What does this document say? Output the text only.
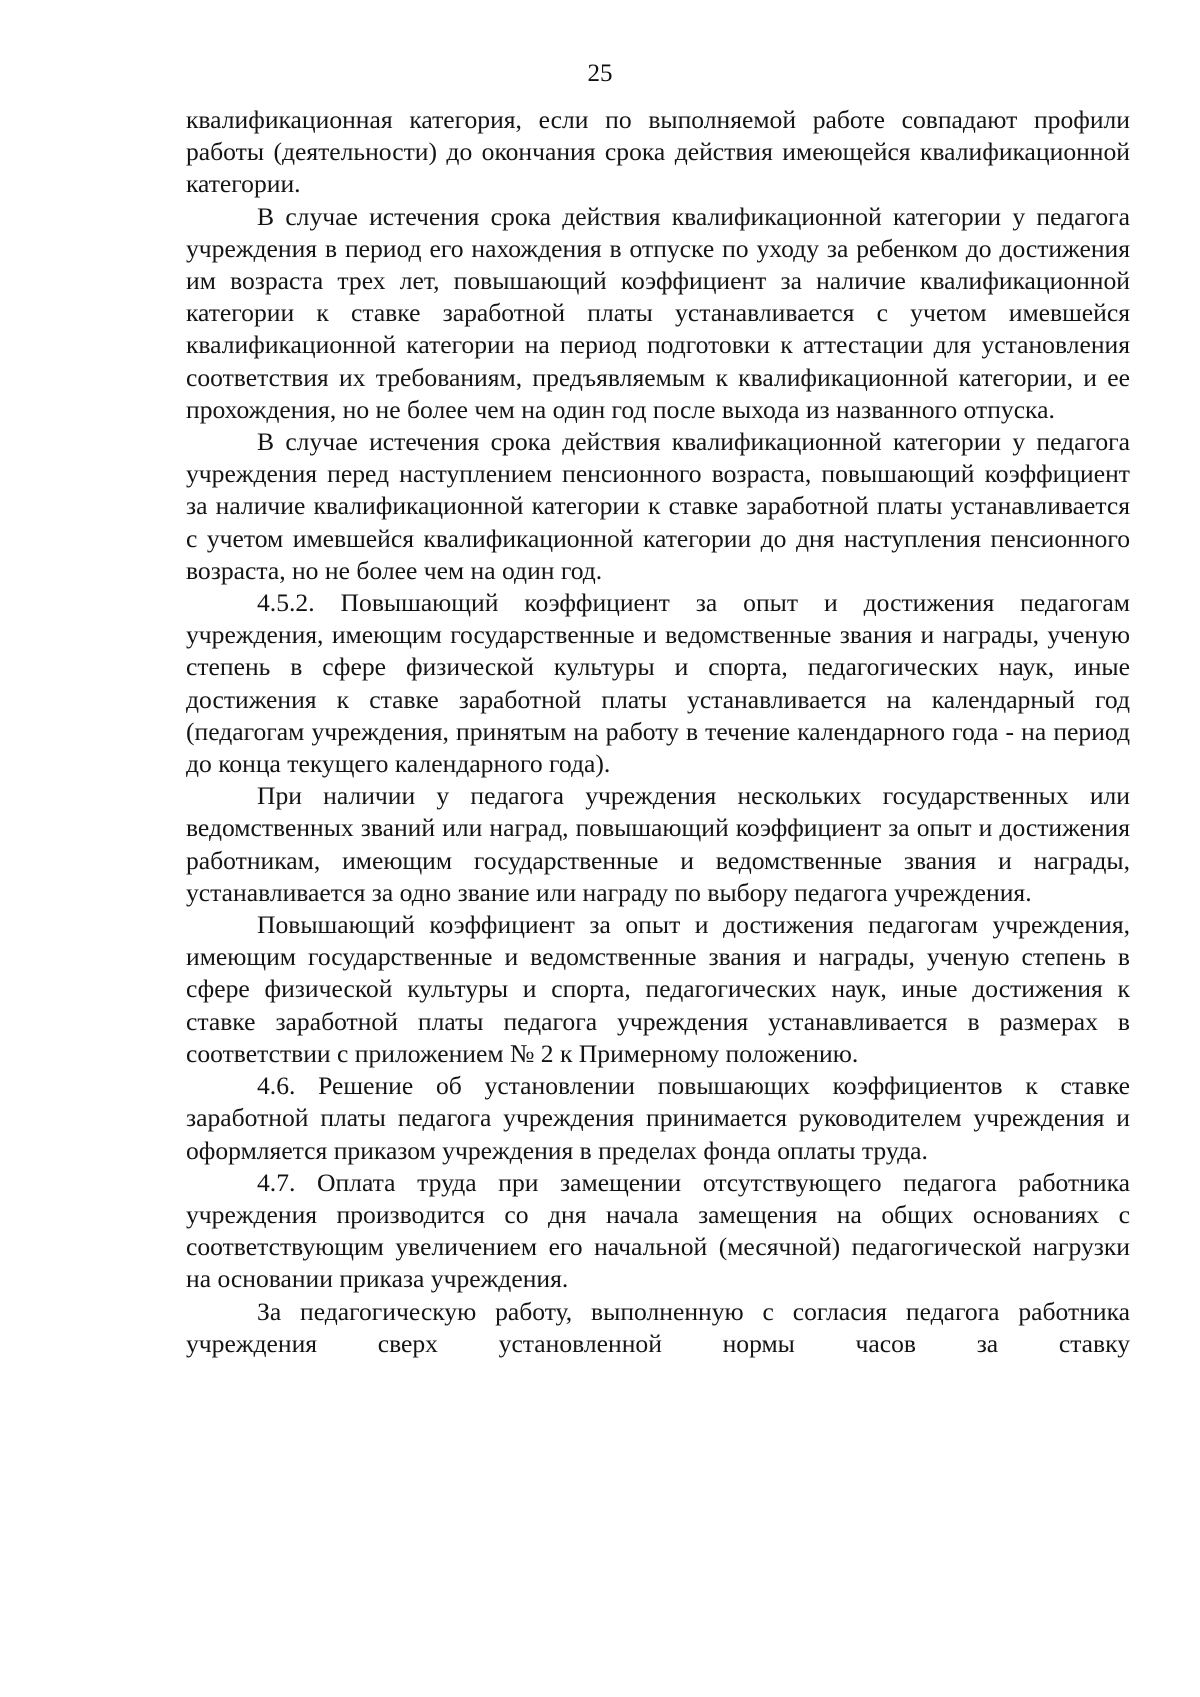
25

квалификационная категория, если по выполняемой работе совпадают профили работы (деятельности) до окончания срока действия имеющейся квалификационной категории.

В случае истечения срока действия квалификационной категории у педагога учреждения в период его нахождения в отпуске по уходу за ребенком до достижения им возраста трех лет, повышающий коэффициент за наличие квалификационной категории к ставке заработной платы устанавливается с учетом имевшейся квалификационной категории на период подготовки к аттестации для установления соответствия их требованиям, предъявляемым к квалификационной категории, и ее прохождения, но не более чем на один год после выхода из названного отпуска.

В случае истечения срока действия квалификационной категории у педагога учреждения перед наступлением пенсионного возраста, повышающий коэффициент за наличие квалификационной категории к ставке заработной платы устанавливается с учетом имевшейся квалификационной категории до дня наступления пенсионного возраста, но не более чем на один год.

4.5.2. Повышающий коэффициент за опыт и достижения педагогам учреждения, имеющим государственные и ведомственные звания и награды, ученую степень в сфере физической культуры и спорта, педагогических наук, иные достижения к ставке заработной платы устанавливается на календарный год (педагогам учреждения, принятым на работу в течение календарного года - на период до конца текущего календарного года).

При наличии у педагога учреждения нескольких государственных или ведомственных званий или наград, повышающий коэффициент за опыт и достижения работникам, имеющим государственные и ведомственные звания и награды, устанавливается за одно звание или награду по выбору педагога учреждения.

Повышающий коэффициент за опыт и достижения педагогам учреждения, имеющим государственные и ведомственные звания и награды, ученую степень в сфере физической культуры и спорта, педагогических наук, иные достижения к ставке заработной платы педагога учреждения устанавливается в размерах в соответствии с приложением № 2 к Примерному положению.

4.6. Решение об установлении повышающих коэффициентов к ставке заработной платы педагога учреждения принимается руководителем учреждения и оформляется приказом учреждения в пределах фонда оплаты труда.

4.7. Оплата труда при замещении отсутствующего педагога работника учреждения производится со дня начала замещения на общих основаниях с соответствующим увеличением его начальной (месячной) педагогической нагрузки на основании приказа учреждения.

За педагогическую работу, выполненную с согласия педагога работника учреждения сверх установленной нормы часов за ставку
